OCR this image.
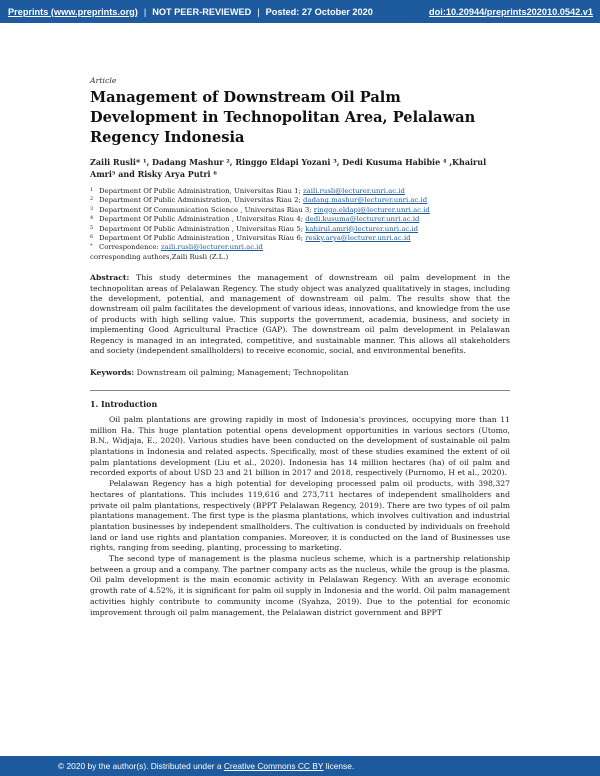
Preprints (www.preprints.org) | NOT PEER-REVIEWED | Posted: 27 October 2020	doi:10.20944/preprints202010.0542.v1
Article
Management of Downstream Oil Palm Development in Technopolitan Area, Pelalawan Regency Indonesia
Zaili Rusli* ¹, Dadang Mashur ², Ringgo Eldapi Yozani ³, Dedi Kusuma Habibie ⁴ ,Khairul Amri⁵ and Risky Arya Putri ⁶
1 Department Of Public Administration, Universitas Riau 1; zaili.rusli@lecturer.unri.ac.id
2 Department Of Public Administration, Universitas Riau 2; dadang.mashur@lecturer.unri.ac.id
3 Department Of Communication Science , Universitas Riau 3; ringgo.eldapi@lecturer.unri.ac.id
4 Department Of Public Administration , Universitas Riau 4; dedi.kusuma@lecturer.unri.ac.id
5 Department Of Public Administration , Universitas Riau 5; kahirul.amri@lecturer.unri.ac.id
6 Department Of Public Administration , Universitas Riau 6; resky.arya@lecturer.unri.ac.id
* Correspondence: zaili.rusli@lecturer.unri.ac.id
corresponding authors,Zaili Rusli (Z.L.)
Abstract: This study determines the management of downstream oil palm development in the technopolitan areas of Pelalawan Regency. The study object was analyzed qualitatively in stages, including the development, potential, and management of downstream oil palm. The results show that the downstream oil palm facilitates the development of various ideas, innovations, and knowledge from the use of products with high selling value. This supports the government, academia, business, and society in implementing Good Agricultural Practice (GAP). The downstream oil palm development in Pelalawan Regency is managed in an integrated, competitive, and sustainable manner. This allows all stakeholders and society (independent smallholders) to receive economic, social, and environmental benefits.
Keywords: Downstream oil palming; Management; Technopolitan
1. Introduction

Oil palm plantations are growing rapidly in most of Indonesia's provinces, occupying more than 11 million Ha. This huge plantation potential opens development opportunities in various sectors (Utomo, B.N., Widjaja, E., 2020). Various studies have been conducted on the development of sustainable oil palm plantations in Indonesia and related aspects. Specifically, most of these studies examined the extent of oil palm plantations development (Liu et al., 2020). Indonesia has 14 million hectares (ha) of oil palm and recorded exports of about USD 23 and 21 billion in 2017 and 2018, respectively (Purnomo, H et al., 2020).

Pelalawan Regency has a high potential for developing processed palm oil products, with 398,327 hectares of plantations. This includes 119,616 and 273,711 hectares of independent smallholders and private oil palm plantations, respectively (BPPT Pelalawan Regency, 2019). There are two types of oil palm plantations management. The first type is the plasma plantations, which involves cultivation and industrial plantation businesses by independent smallholders. The cultivation is conducted by individuals on freehold land or land use rights and plantation companies. Moreover, it is conducted on the land of Businesses use rights, ranging from seeding, planting, processing to marketing.

The second type of management is the plasma nucleus scheme, which is a partnership relationship between a group and a company. The partner company acts as the nucleus, while the group is the plasma. Oil palm development is the main economic activity in Pelalawan Regency. With an average economic growth rate of 4.52%, it is significant for palm oil supply in Indonesia and the world. Oil palm management activities highly contribute to community income (Syahza, 2019). Due to the potential for economic improvement through oil palm management, the Pelalawan district government and BPPT

© 2020 by the author(s). Distributed under a
Creative Commons CC BY
license.
